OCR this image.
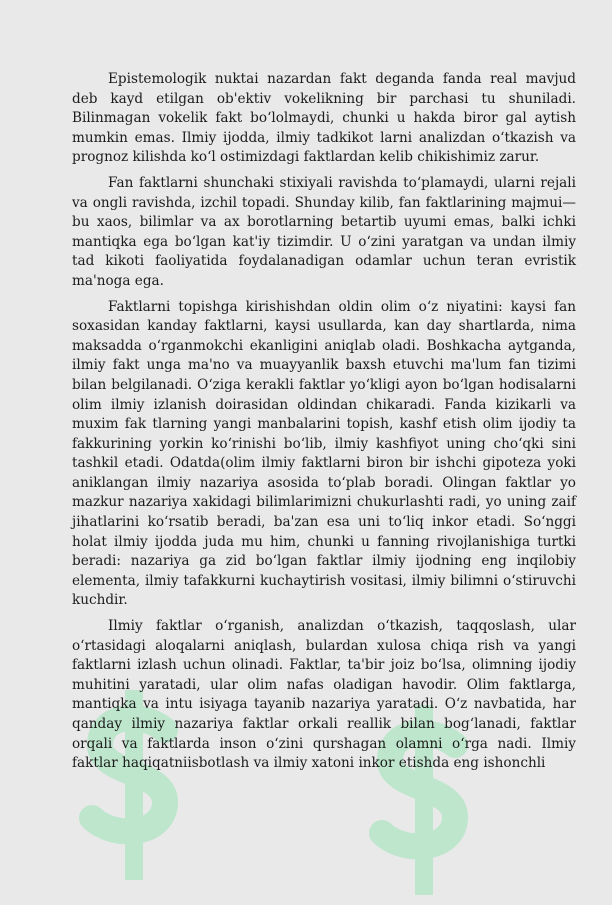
Epistemologik nuktai nazardan fakt deganda fanda real mavjud deb kayd etilgan ob'ektiv vokelikning bir parchasi tu shuniladi. Bilinmagan vokelik fakt boʻlolmaydi, chunki u hakda biror gal aytish mumkin emas. Ilmiy ijodda, ilmiy tadkikot larni analizdan oʻtkazish va prognoz kilishda koʻl ostimizdagi faktlardan kelib chikishimiz zarur.

Fan faktlarni shunchaki stixiyali ravishda toʻplamaydi, ularni rejali va ongli ravishda, izchil topadi. Shunday kilib, fan faktlarining majmui— bu xaos, bilimlar va ax borotlarning betartib uyumi emas, balki ichki mantiqka ega boʻlgan kat'iy tizimdir. U oʻzini yaratgan va undan ilmiy tad kikoti faoliyatida foydalanadigan odamlar uchun teran evristik ma'noga ega.

Faktlarni topishga kirishishdan oldin olim oʻz niyatini: kaysi fan soxasidan kanday faktlarni, kaysi usullarda, kan day shartlarda, nima maksadda oʻrganmokchi ekanligini aniqlab oladi. Boshkacha aytganda, ilmiy fakt unga ma'no va muayyanlik baxsh etuvchi ma'lum fan tizimi bilan belgilanadi. Oʻziga kerakli faktlar yoʻkligi ayon boʻlgan hodisalarni olim ilmiy izlanish doirasidan oldindan chikaradi. Fanda kizikarli va muxim fak tlarning yangi manbalarini topish, kashf etish olim ijodiy ta fakkurining yorkin koʻrinishi boʻlib, ilmiy kashfiyot uning choʻqki sini tashkil etadi. Odatda(olim ilmiy faktlarni biron bir ishchi gipoteza yoki aniklangan ilmiy nazariya asosida toʻplab boradi. Olingan faktlar yo mazkur nazariya xakidagi bilimlarimizni chukurlashti radi, yo uning zaif jihatlarini koʻrsatib beradi, ba'zan esa uni toʻliq inkor etadi. Soʻnggi holat ilmiy ijodda juda mu him, chunki u fanning rivojlanishiga turtki beradi: nazariya ga zid boʻlgan faktlar ilmiy ijodning eng inqilobiy elementa, ilmiy tafakkurni kuchaytirish vositasi, ilmiy bilimni oʻstiruvchi kuchdir.

Ilmiy faktlar oʻrganish, analizdan oʻtkazish, taqqoslash, ular oʻrtasidagi aloqalarni aniqlash, bulardan xulosa chiqa rish va yangi faktlarni izlash uchun olinadi. Faktlar, ta'bir joiz boʻlsa, olimning ijodiy muhitini yaratadi, ular olim nafas oladigan havodir. Olim faktlarga, mantiqka va intu isiyaga tayanib nazariya yaratadi. Oʻz navbatida, har qanday ilmiy nazariya faktlar orkali reallik bilan bogʻlanadi, faktlar orqali va faktlarda inson oʻzini qurshagan olamni oʻrga nadi. Ilmiy faktlar haqiqatniisbotlash va ilmiy xatoni inkor etishda eng ishonchli
